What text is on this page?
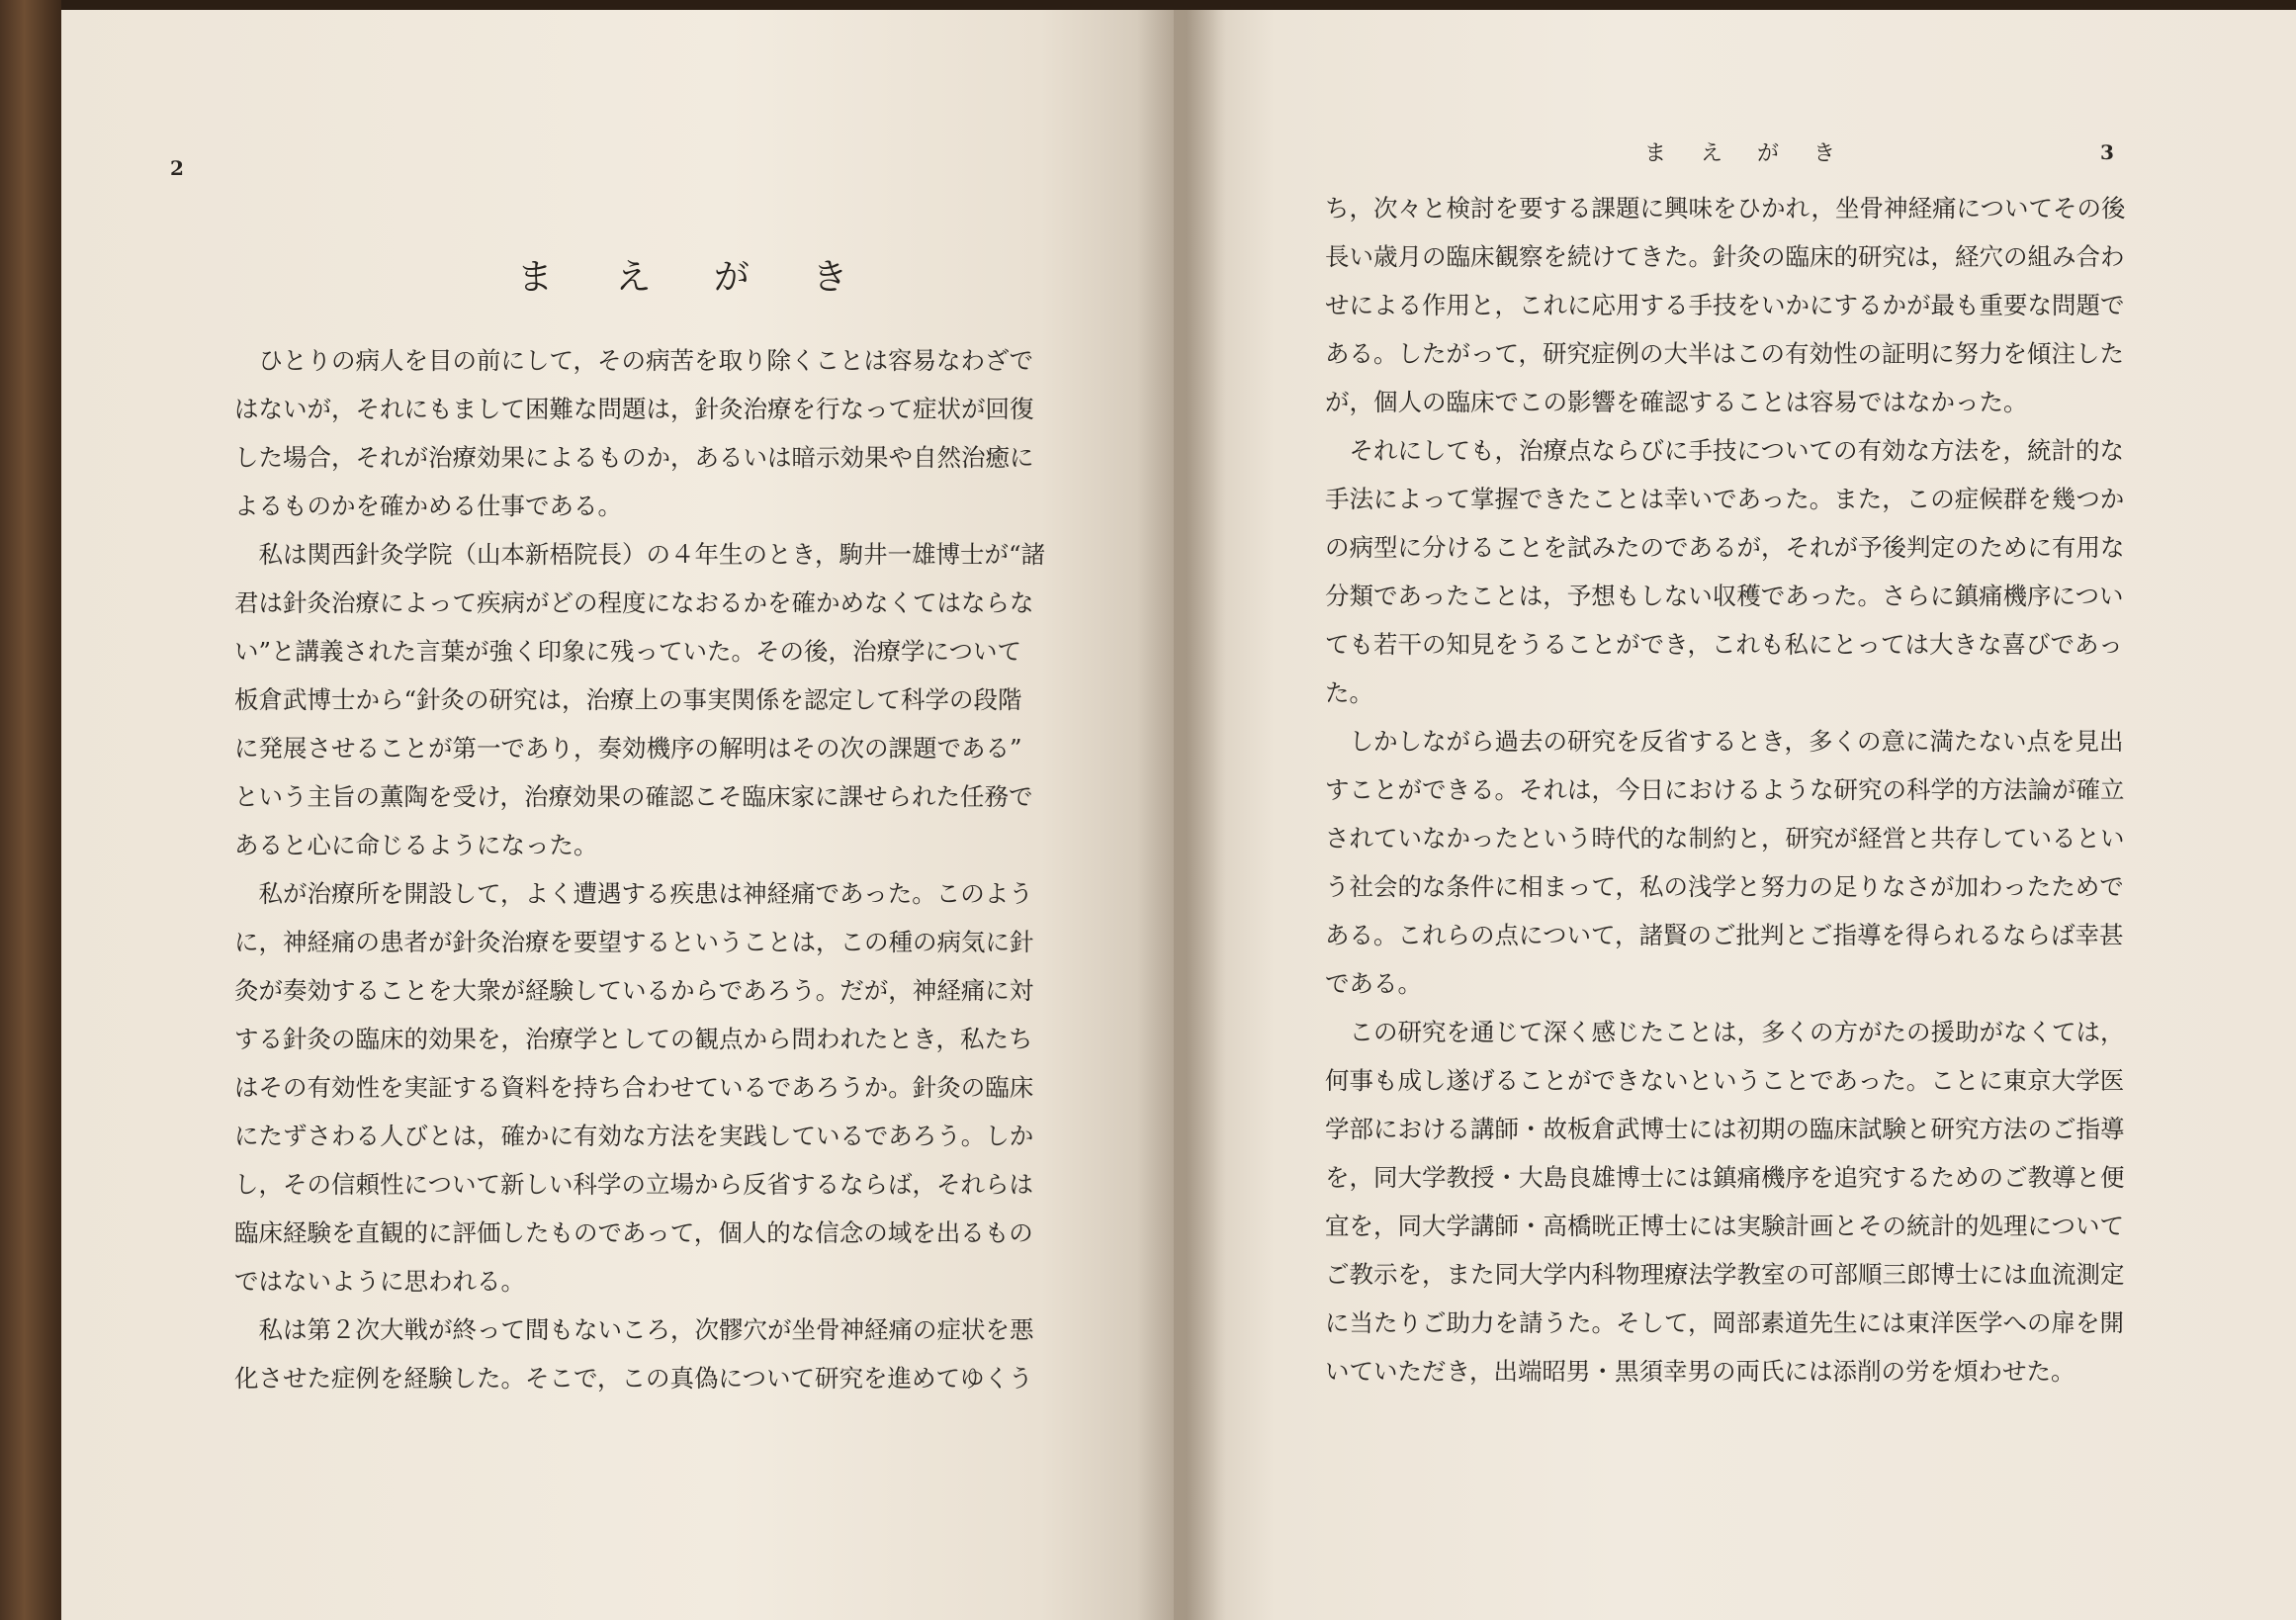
2
ま え が き
　ひとりの病人を目の前にして，その病苦を取り除くことは容易なわざで
はないが，それにもまして困難な問題は，針灸治療を行なって症状が回復
した場合，それが治療効果によるものか，あるいは暗示効果や自然治癒に
よるものかを確かめる仕事である。
　私は関西針灸学院（山本新梧院長）の４年生のとき，駒井一雄博士が“諸
君は針灸治療によって疾病がどの程度になおるかを確かめなくてはならな
い”と講義された言葉が強く印象に残っていた。その後，治療学について
板倉武博士から“針灸の研究は，治療上の事実関係を認定して科学の段階
に発展させることが第一であり，奏効機序の解明はその次の課題である”
という主旨の薫陶を受け，治療効果の確認こそ臨床家に課せられた任務で
あると心に命じるようになった。
　私が治療所を開設して，よく遭遇する疾患は神経痛であった。このよう
に，神経痛の患者が針灸治療を要望するということは，この種の病気に針
灸が奏効することを大衆が経験しているからであろう。だが，神経痛に対
する針灸の臨床的効果を，治療学としての観点から問われたとき，私たち
はその有効性を実証する資料を持ち合わせているであろうか。針灸の臨床
にたずさわる人びとは，確かに有効な方法を実践しているであろう。しか
し，その信頼性について新しい科学の立場から反省するならば，それらは
臨床経験を直観的に評価したものであって，個人的な信念の域を出るもの
ではないように思われる。
　私は第２次大戦が終って間もないころ，次髎穴が坐骨神経痛の症状を悪
化させた症例を経験した。そこで，この真偽について研究を進めてゆくう
ま え が き	3
ち，次々と検討を要する課題に興味をひかれ，坐骨神経痛についてその後
長い歳月の臨床観察を続けてきた。針灸の臨床的研究は，経穴の組み合わ
せによる作用と，これに応用する手技をいかにするかが最も重要な問題で
ある。したがって，研究症例の大半はこの有効性の証明に努力を傾注した
が，個人の臨床でこの影響を確認することは容易ではなかった。
　それにしても，治療点ならびに手技についての有効な方法を，統計的な
手法によって掌握できたことは幸いであった。また，この症候群を幾つか
の病型に分けることを試みたのであるが，それが予後判定のために有用な
分類であったことは，予想もしない収穫であった。さらに鎮痛機序につい
ても若干の知見をうることができ，これも私にとっては大きな喜びであっ
た。
　しかしながら過去の研究を反省するとき，多くの意に満たない点を見出
すことができる。それは，今日におけるような研究の科学的方法論が確立
されていなかったという時代的な制約と，研究が経営と共存しているとい
う社会的な条件に相まって，私の浅学と努力の足りなさが加わったためで
ある。これらの点について，諸賢のご批判とご指導を得られるならば幸甚
である。
　この研究を通じて深く感じたことは，多くの方がたの援助がなくては，
何事も成し遂げることができないということであった。ことに東京大学医
学部における講師・故板倉武博士には初期の臨床試験と研究方法のご指導
を，同大学教授・大島良雄博士には鎮痛機序を追究するためのご教導と便
宜を，同大学講師・高橋晄正博士には実験計画とその統計的処理について
ご教示を，また同大学内科物理療法学教室の可部順三郎博士には血流測定
に当たりご助力を請うた。そして，岡部素道先生には東洋医学への扉を開
いていただき，出端昭男・黒須幸男の両氏には添削の労を煩わせた。
